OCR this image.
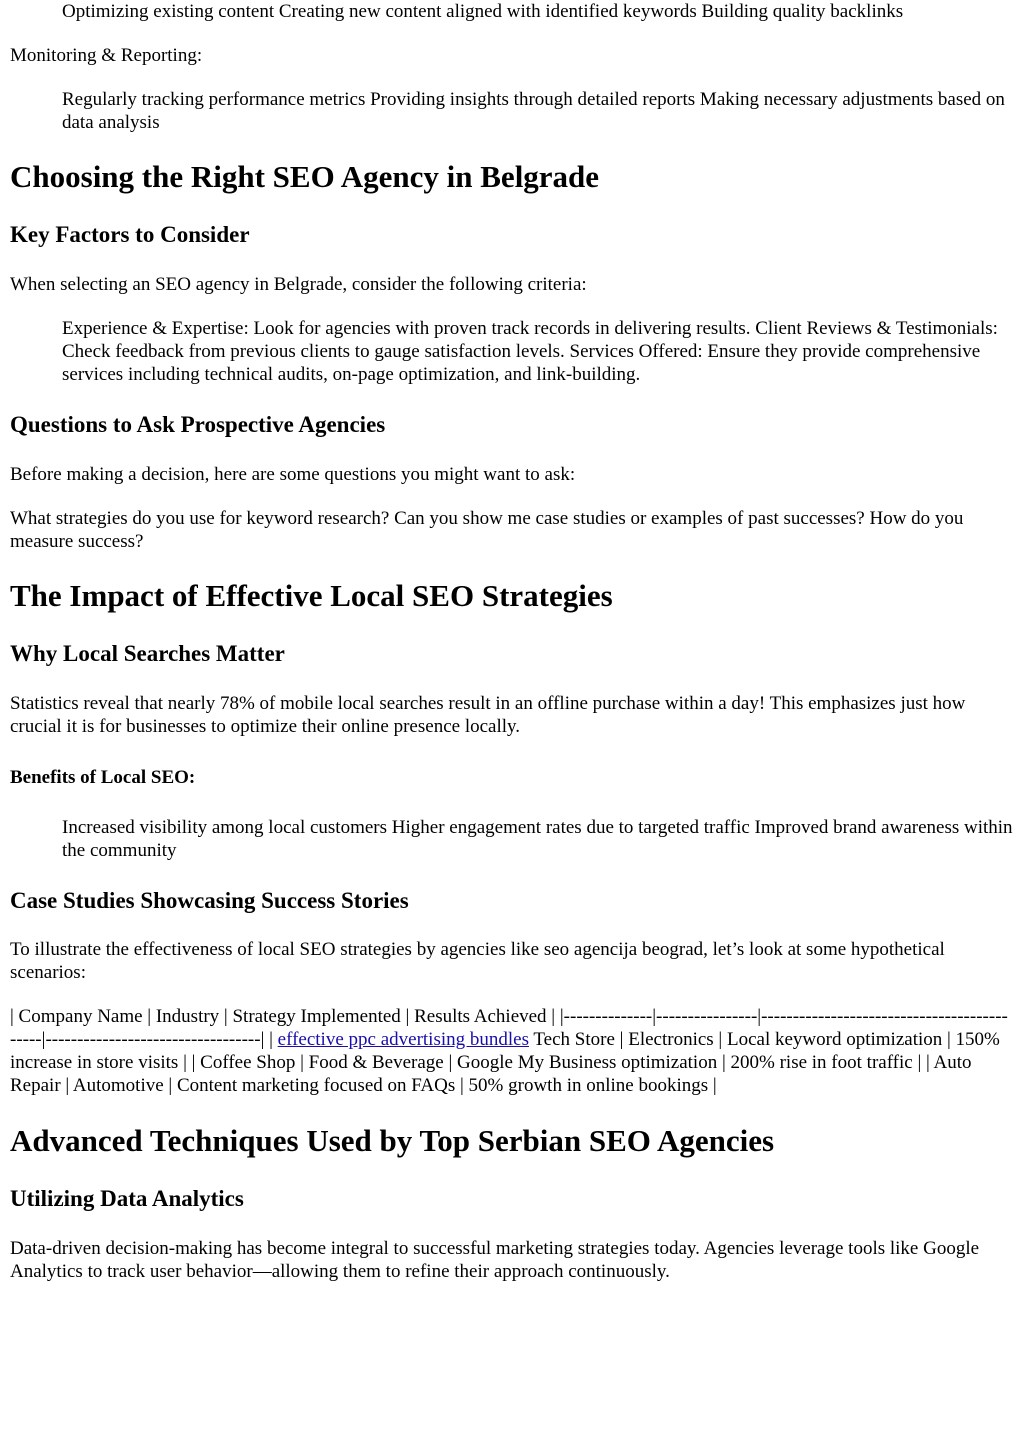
Optimizing existing content Creating new content aligned with identified keywords Building quality backlinks

Monitoring & Reporting:

Regularly tracking performance metrics Providing insights through detailed reports Making necessary adjustments based on data analysis

Choosing the Right SEO Agency in Belgrade
Key Factors to Consider

When selecting an SEO agency in Belgrade, consider the following criteria:

Experience & Expertise: Look for agencies with proven track records in delivering results. Client Reviews & Testimonials: Check feedback from previous clients to gauge satisfaction levels. Services Offered: Ensure they provide comprehensive services including technical audits, on-page optimization, and link-building.

Questions to Ask Prospective Agencies

Before making a decision, here are some questions you might want to ask:

What strategies do you use for keyword research? Can you show me case studies or examples of past successes? How do you measure success?

The Impact of Effective Local SEO Strategies
Why Local Searches Matter

Statistics reveal that nearly 78% of mobile local searches result in an offline purchase within a day! This emphasizes just how crucial it is for businesses to optimize their online presence locally.

Benefits of Local SEO:

Increased visibility among local customers Higher engagement rates due to targeted traffic Improved brand awareness within the community

Case Studies Showcasing Success Stories

To illustrate the effectiveness of local SEO strategies by agencies like seo agencija beograd, let’s look at some hypothetical scenarios:

| Company Name | Industry | Strategy Implemented | Results Achieved | |--------------|----------------|--------------------------------------------|----------------------------------| | effective ppc advertising bundles Tech Store | Electronics | Local keyword optimization | 150% increase in store visits | | Coffee Shop | Food & Beverage | Google My Business optimization | 200% rise in foot traffic | | Auto Repair | Automotive | Content marketing focused on FAQs | 50% growth in online bookings |

Advanced Techniques Used by Top Serbian SEO Agencies
Utilizing Data Analytics

Data-driven decision-making has become integral to successful marketing strategies today. Agencies leverage tools like Google Analytics to track user behavior—allowing them to refine their approach continuously.
